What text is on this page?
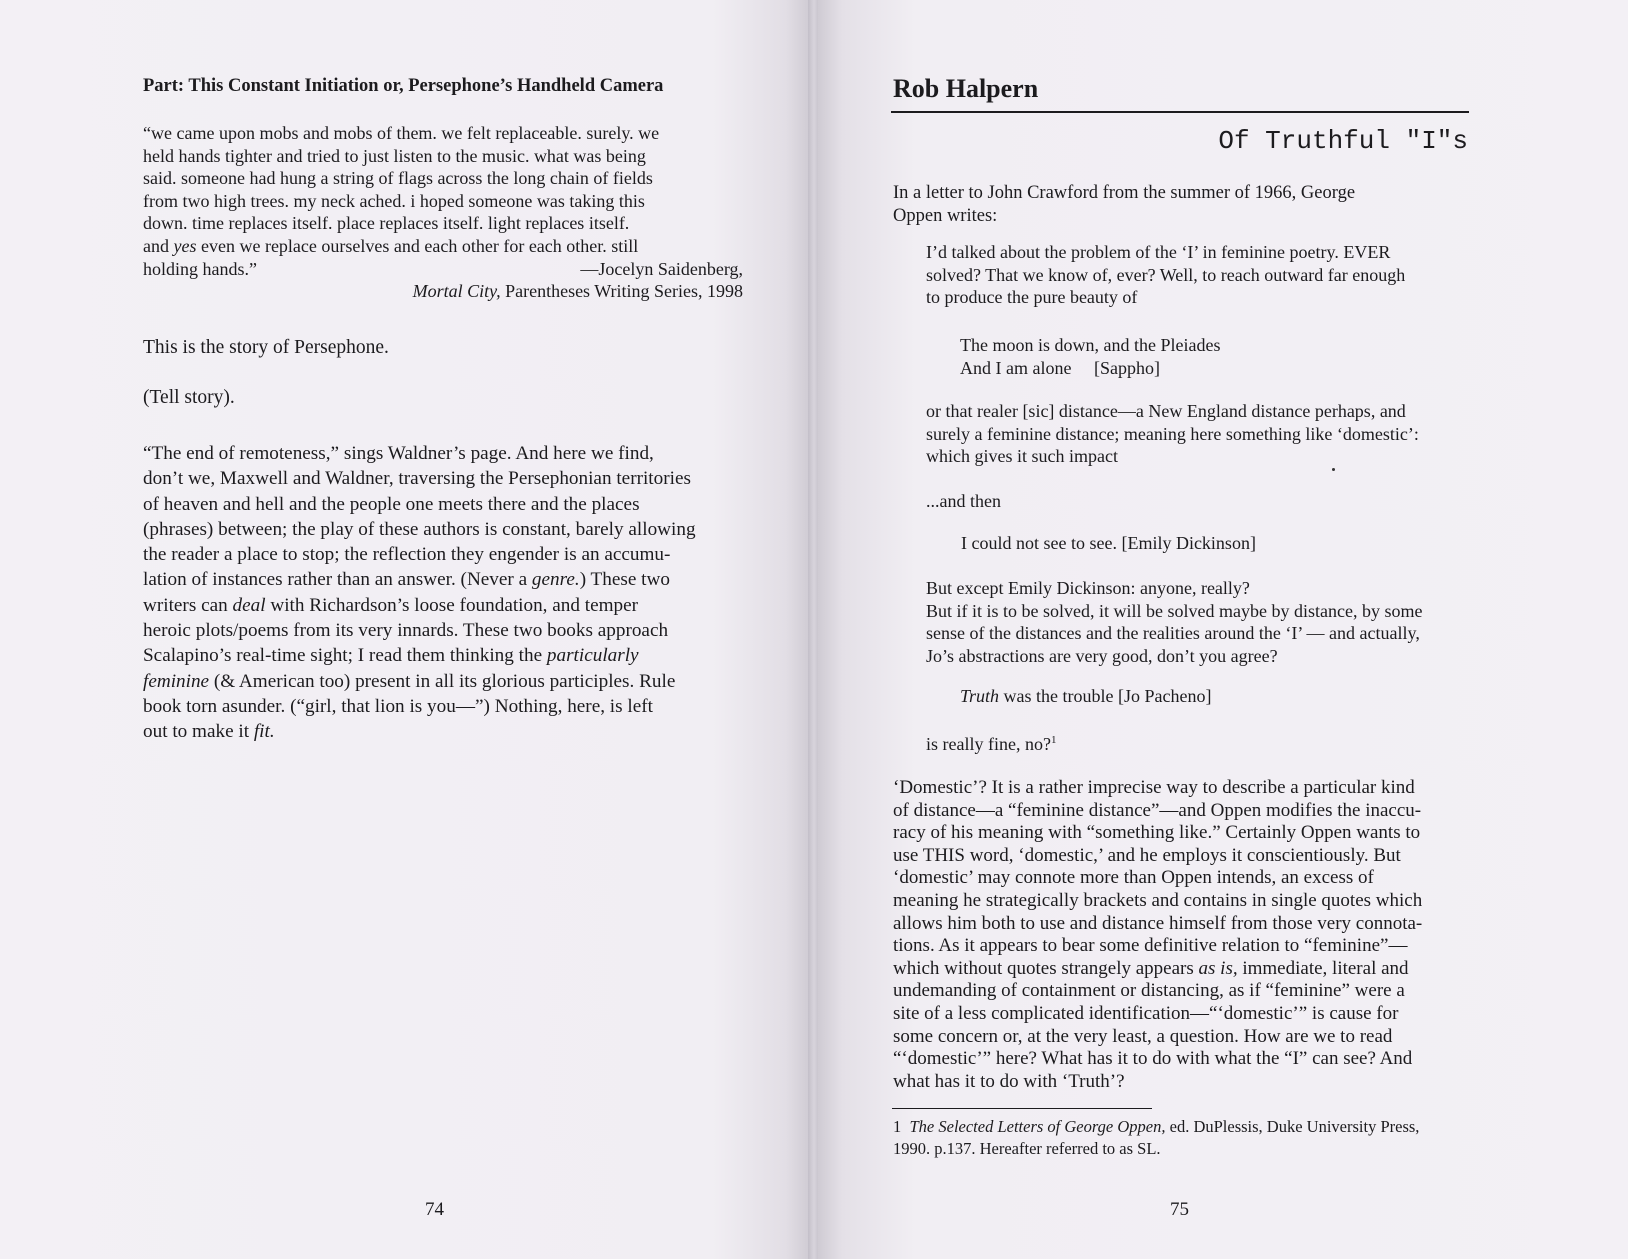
Part: This Constant Initiation or, Persephone’s Handheld Camera
“we came upon mobs and mobs of them. we felt replaceable. surely. we
held hands tighter and tried to just listen to the music. what was being
said. someone had hung a string of flags across the long chain of fields
from two high trees. my neck ached. i hoped someone was taking this
down. time replaces itself. place replaces itself. light replaces itself.
and yes even we replace ourselves and each other for each other. still
holding hands.”	—Jocelyn Saidenberg,
Mortal City, Parentheses Writing Series, 1998
This is the story of Persephone.
(Tell story).
“The end of remoteness,” sings Waldner’s page. And here we find,
don’t we, Maxwell and Waldner, traversing the Persephonian territories
of heaven and hell and the people one meets there and the places
(phrases) between; the play of these authors is constant, barely allowing
the reader a place to stop; the reflection they engender is an accumu-
lation of instances rather than an answer. (Never a genre.) These two
writers can deal with Richardson’s loose foundation, and temper
heroic plots/poems from its very innards. These two books approach
Scalapino’s real-time sight; I read them thinking the particularly
feminine (& American too) present in all its glorious participles. Rule
book torn asunder. (“girl, that lion is you—”) Nothing, here, is left
out to make it fit.
74
Rob Halpern
Of Truthful "I"s
In a letter to John Crawford from the summer of 1966, George
Oppen writes:
I’d talked about the problem of the ‘I’ in feminine poetry. EVER
solved? That we know of, ever? Well, to reach outward far enough
to produce the pure beauty of
The moon is down, and the Pleiades
And I am alone     [Sappho]
or that realer [sic] distance—a New England distance perhaps, and
surely a feminine distance; meaning here something like ‘domestic’:
which gives it such impact
...and then
I could not see to see. [Emily Dickinson]
But except Emily Dickinson: anyone, really?
But if it is to be solved, it will be solved maybe by distance, by some
sense of the distances and the realities around the ‘I’ — and actually,
Jo’s abstractions are very good, don’t you agree?
Truth was the trouble [Jo Pacheno]
is really fine, no?$^1$
‘Domestic’? It is a rather imprecise way to describe a particular kind
of distance—a “feminine distance”—and Oppen modifies the inaccu-
racy of his meaning with “something like.” Certainly Oppen wants to
use THIS word, ‘domestic,’ and he employs it conscientiously. But
‘domestic’ may connote more than Oppen intends, an excess of
meaning he strategically brackets and contains in single quotes which
allows him both to use and distance himself from those very connota-
tions. As it appears to bear some definitive relation to “feminine”—
which without quotes strangely appears as is, immediate, literal and
undemanding of containment or distancing, as if “feminine” were a
site of a less complicated identification—“‘domestic’” is cause for
some concern or, at the very least, a question. How are we to read
“‘domestic’” here? What has it to do with what the “I” can see? And
what has it to do with ‘Truth’?
1 The Selected Letters of George Oppen, ed. DuPlessis, Duke University Press,
1990. p.137. Hereafter referred to as SL.
75
